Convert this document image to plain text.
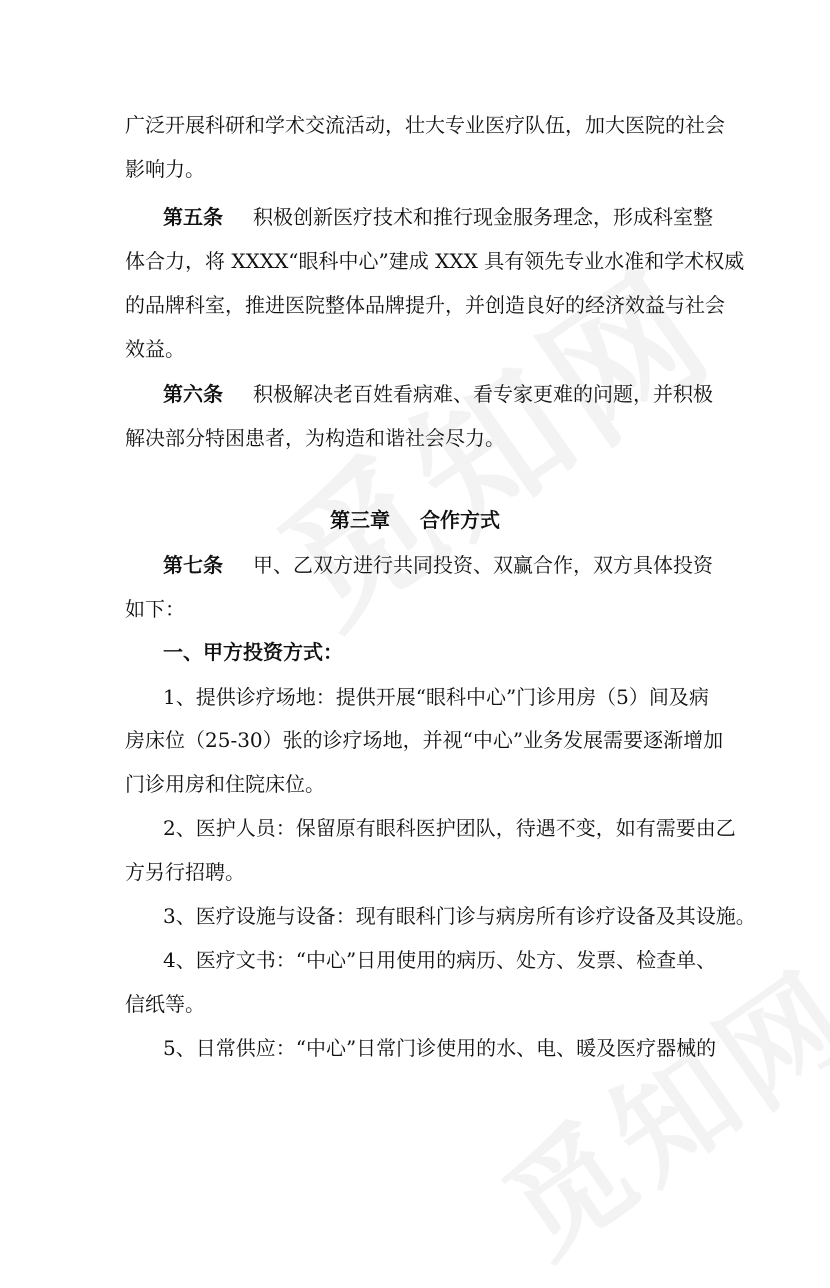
广泛开展科研和学术交流活动，壮大专业医疗队伍，加大医院的社会
影响力。
第五条 积极创新医疗技术和推行现金服务理念，形成科室整
体合力，将 XXXX“眼科中心”建成 XXX 具有领先专业水准和学术权威
的品牌科室，推进医院整体品牌提升，并创造良好的经济效益与社会
效益。
第六条 积极解决老百姓看病难、看专家更难的问题，并积极
解决部分特困患者，为构造和谐社会尽力。
第三章 合作方式
第七条 甲、乙双方进行共同投资、双赢合作，双方具体投资
如下：
一、甲方投资方式：
1、提供诊疗场地：提供开展“眼科中心”门诊用房（5）间及病
房床位（25-30）张的诊疗场地，并视“中心”业务发展需要逐渐增加
门诊用房和住院床位。
2、医护人员：保留原有眼科医护团队，待遇不变，如有需要由乙
方另行招聘。
3、医疗设施与设备：现有眼科门诊与病房所有诊疗设备及其设施。
4、医疗文书：“中心”日用使用的病历、处方、发票、检查单、
信纸等。
5、日常供应：“中心”日常门诊使用的水、电、暖及医疗器械的
